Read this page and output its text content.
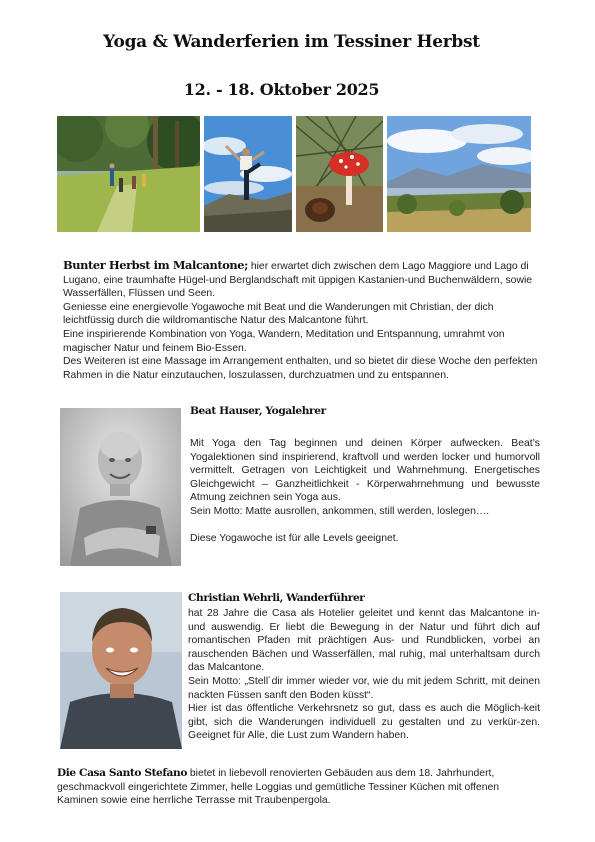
Yoga & Wanderferien im Tessiner Herbst
12. - 18. Oktober 2025
Bunter Herbst im Malcantone; hier erwartet dich zwischen dem Lago Maggiore und Lago di Lugano, eine traumhafte Hügel-und Berglandschaft mit üppigen Kastanien-und Buchenwäldern, sowie Wasserfällen, Flüssen und Seen.
Geniesse eine energievolle Yogawoche mit Beat und die Wanderungen mit Christian, der dich leichtfüssig durch die wildromantische Natur des Malcantone führt.
Eine inspirierende Kombination von Yoga, Wandern, Meditation und Entspannung, umrahmt von magischer Natur und feinem Bio-Essen.
Des Weiteren ist eine Massage im Arrangement enthalten, und so bietet dir diese Woche den perfekten Rahmen in die Natur einzutauchen, loszulassen, durchzuatmen und zu entspannen.
Beat Hauser, Yogalehrer
Mit Yoga den Tag beginnen und deinen Körper aufwecken. Beat’s Yogalektionen sind inspirierend, kraftvoll und werden locker und humorvoll vermittelt. Getragen von Leichtigkeit und Wahrnehmung. Energetisches Gleichgewicht – Ganzheitlichkeit - Körperwahrnehmung und bewusste Atmung zeichnen sein Yoga aus.
Sein Motto: Matte ausrollen, ankommen, still werden, loslegen….
Diese Yogawoche ist für alle Levels geeignet.
Christian Wehrli, Wanderführer
hat 28 Jahre die Casa als Hotelier geleitet und kennt das Malcantone in- und auswendig. Er liebt die Bewegung in der Natur und führt dich auf romantischen Pfaden mit prächtigen Aus- und Rundblicken, vorbei an rauschenden Bächen und Wasserfällen, mal ruhig, mal unterhaltsam durch das Malcantone.
Sein Motto: „Stell´dir immer wieder vor, wie du mit jedem Schritt, mit deinen nackten Füssen sanft den Boden küsst“.
Hier ist das öffentliche Verkehrsnetz so gut, dass es auch die Möglich-keit gibt, sich die Wanderungen individuell zu gestalten und zu verkür-zen. Geeignet für Alle, die Lust zum Wandern haben.
Die Casa Santo Stefano bietet in liebevoll renovierten Gebäuden aus dem 18. Jahrhundert, geschmackvoll eingerichtete Zimmer, helle Loggias und gemütliche Tessiner Küchen mit offenen Kaminen sowie eine herrliche Terrasse mit Traubenpergola.
